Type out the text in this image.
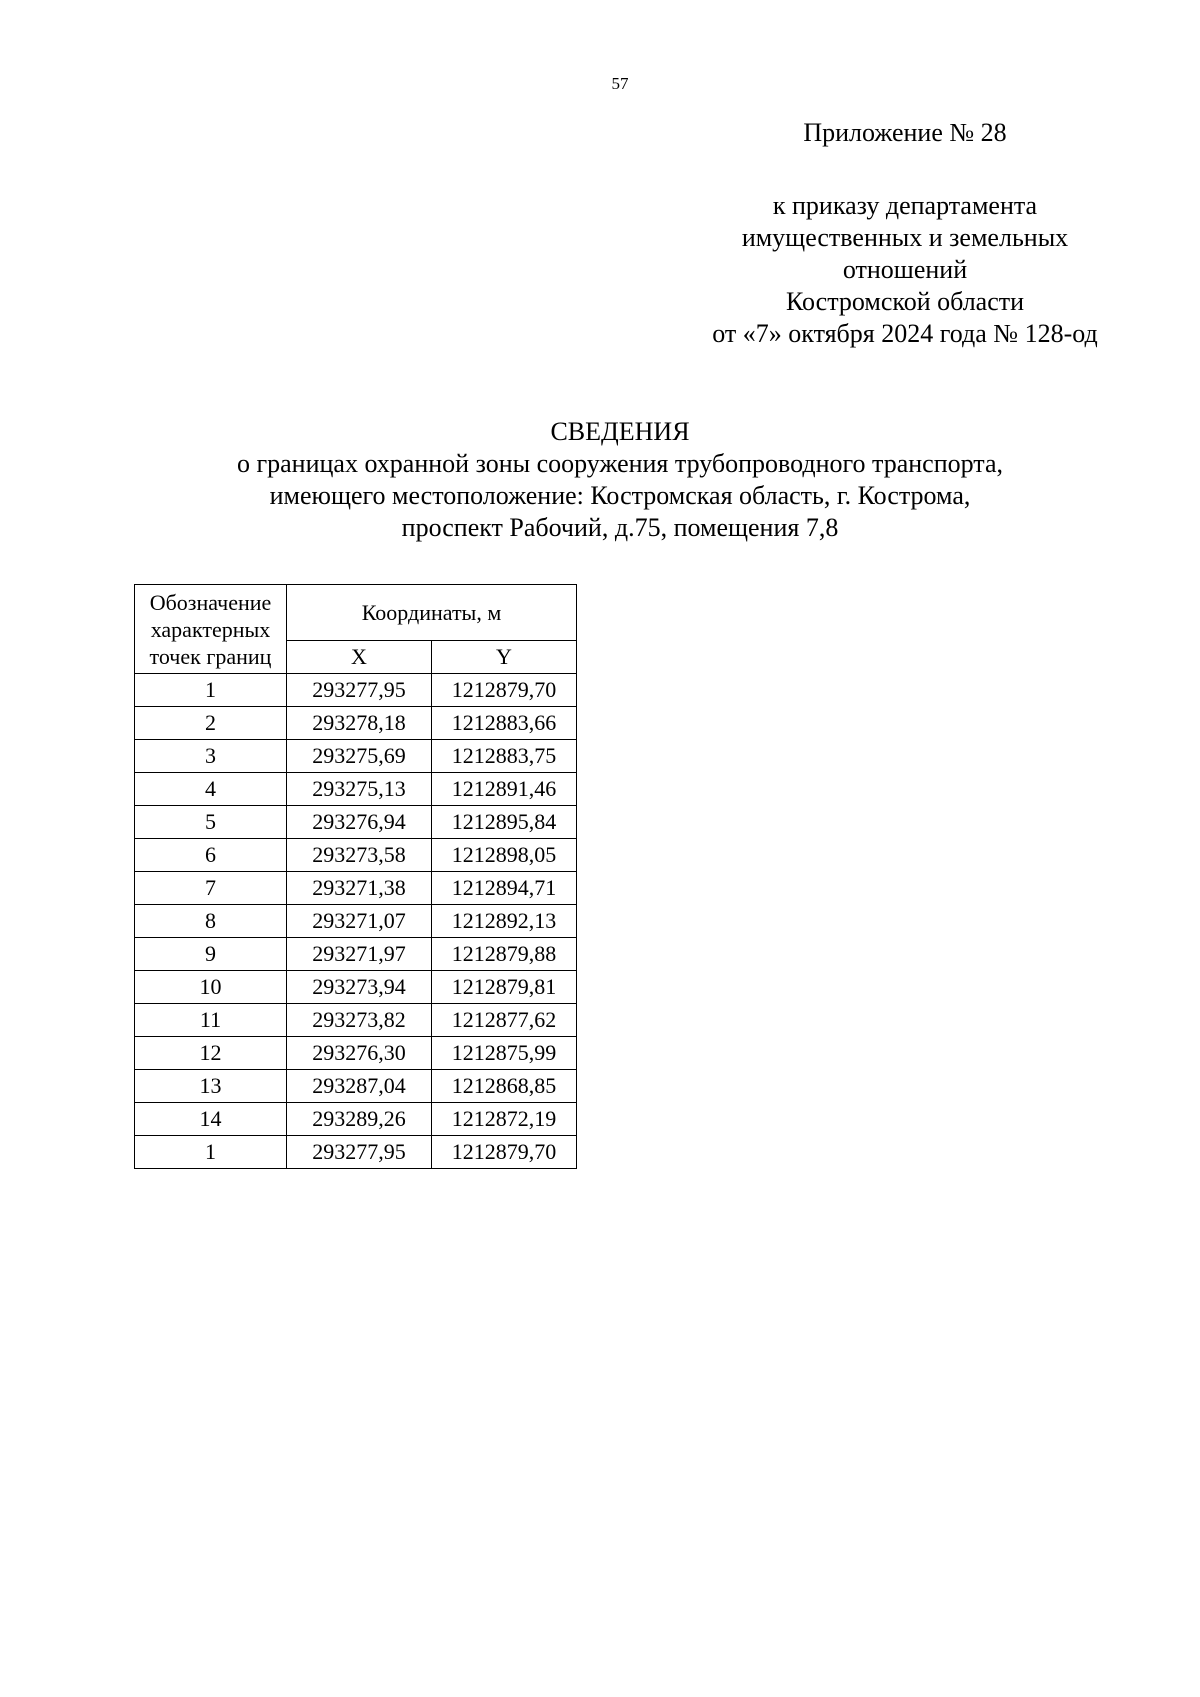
57
Приложение № 28
к приказу департамента
имущественных и земельных
отношений
Костромской области
от «7» октября 2024 года № 128-од
СВЕДЕНИЯ
о границах охранной зоны сооружения трубопроводного транспорта,
имеющего местоположение: Костромская область, г. Кострома,
проспект Рабочий, д.75, помещения 7,8
Обозначение
характерных
точек границ	Координаты, м	
	X	Y
1	293277,95	1212879,70
2	293278,18	1212883,66
3	293275,69	1212883,75
4	293275,13	1212891,46
5	293276,94	1212895,84
6	293273,58	1212898,05
7	293271,38	1212894,71
8	293271,07	1212892,13
9	293271,97	1212879,88
10	293273,94	1212879,81
11	293273,82	1212877,62
12	293276,30	1212875,99
13	293287,04	1212868,85
14	293289,26	1212872,19
1	293277,95	1212879,70
